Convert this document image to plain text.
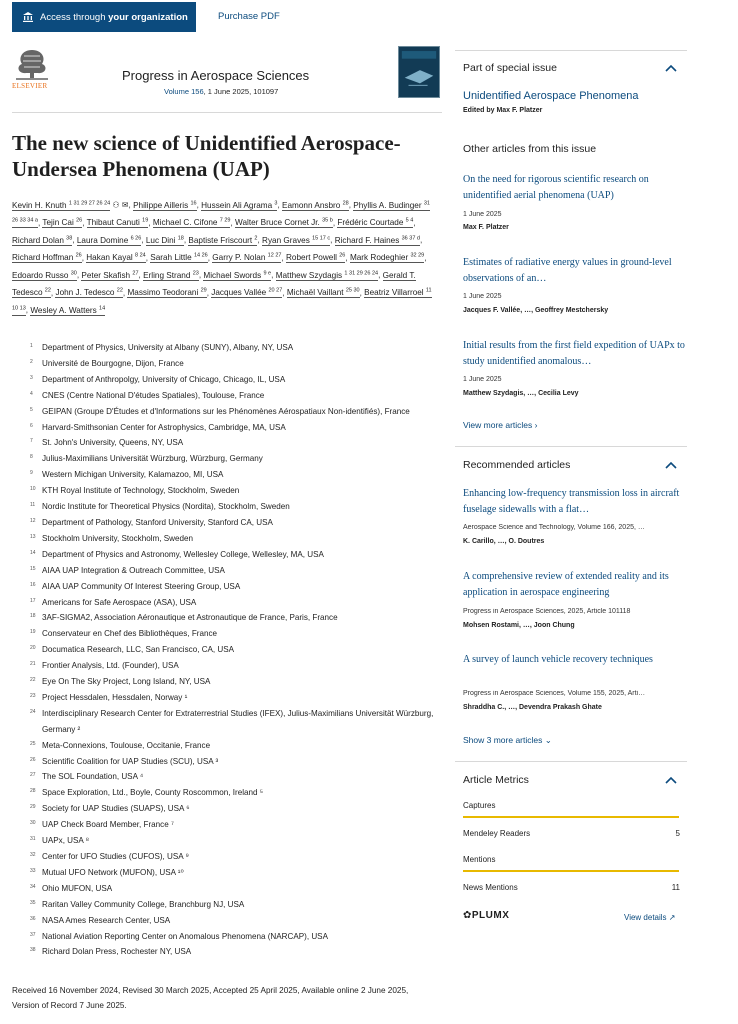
Access through your organization	Purchase PDF
ELSEVIER
Progress in Aerospace Sciences
Volume 156, 1 June 2025, 101097
The new science of Unidentified Aerospace-Undersea Phenomena (UAP)
Kevin H. Knuth $^{1 31 29 27 26 24}$ ⚇ ✉, Philippe Ailleris $^{16}$, Hussein Ali Agrama $^3$, Eamonn Ansbro $^{28}$, Phyllis A. Budinger $^{31 26 33 34 a}$, Tejin Cai $^{26}$, Thibaut Canuti $^{19}$, Michael C. Cifone $^{7 29}$, Walter Bruce Cornet Jr. $^{35 b}$, Frédéric Courtade $^{5 4}$, Richard Dolan $^{38}$, Laura Domine $^{6 26}$, Luc Dini $^{18}$, Baptiste Friscourt $^2$, Ryan Graves $^{15 17 c}$, Richard F. Haines $^{36 37 d}$, Richard Hoffman $^{26}$, Hakan Kayal $^{8 24}$, Sarah Little $^{14 26}$, Garry P. Nolan $^{12 27}$, Robert Powell $^{26}$, Mark Rodeghier $^{32 29}$, Edoardo Russo $^{30}$, Peter Skafish $^{27}$, Erling Strand $^{23}$, Michael Swords $^{9 e}$, Matthew Szydagis $^{1 31 29 26 24}$, Gerald T. Tedesco $^{22}$, John J. Tedesco $^{22}$, Massimo Teodorani $^{29}$, Jacques Vallée $^{20 27}$, Michaël Vaillant $^{25 30}$, Beatriz Villarroel $^{11 10 13}$, Wesley A. Watters $^{14}$
1	Department of Physics, University at Albany (SUNY), Albany, NY, USA
2	Université de Bourgogne, Dijon, France
3	Department of Anthropolgy, University of Chicago, Chicago, IL, USA
4	CNES (Centre National D'études Spatiales), Toulouse, France
5	GEIPAN (Groupe D'Études et d'Informations sur les Phénomènes Aérospatiaux Non-identifiés), France
6	Harvard-Smithsonian Center for Astrophysics, Cambridge, MA, USA
7	St. John's University, Queens, NY, USA
8	Julius-Maximilians Universität Würzburg, Würzburg, Germany
9	Western Michigan University, Kalamazoo, MI, USA
10 KTH Royal Institute of Technology, Stockholm, Sweden
11 Nordic Institute for Theoretical Physics (Nordita), Stockholm, Sweden
12 Department of Pathology, Stanford University, Stanford CA, USA
13 Stockholm University, Stockholm, Sweden
14 Department of Physics and Astronomy, Wellesley College, Wellesley, MA, USA
15 AIAA UAP Integration & Outreach Committee, USA
16 AIAA UAP Community Of Interest Steering Group, USA
17 Americans for Safe Aerospace (ASA), USA
18 3AF-SIGMA2, Association Aéronautique et Astronautique de France, Paris, France
19 Conservateur en Chef des Bibliothèques, France
20 Documatica Research, LLC, San Francisco, CA, USA
21 Frontier Analysis, Ltd. (Founder), USA
22 Eye On The Sky Project, Long Island, NY, USA
23 Project Hessdalen, Hessdalen, Norway ¹
24 Interdisciplinary Research Center for Extraterrestrial Studies (IFEX), Julius-Maximilians Universität Würzburg, Germany ²
25 Meta-Connexions, Toulouse, Occitanie, France
26 Scientific Coalition for UAP Studies (SCU), USA ³
27 The SOL Foundation, USA ⁴
28 Space Exploration, Ltd., Boyle, County Roscommon, Ireland ⁵
29 Society for UAP Studies (SUAPS), USA ⁶
30 UAP Check Board Member, France ⁷
31 UAPx, USA ⁸
32 Center for UFO Studies (CUFOS), USA ⁹
33 Mutual UFO Network (MUFON), USA ¹⁰
34 Ohio MUFON, USA
35 Raritan Valley Community College, Branchburg NJ, USA
36 NASA Ames Research Center, USA
37 National Aviation Reporting Center on Anomalous Phenomena (NARCAP), USA
38 Richard Dolan Press, Rochester NY, USA
Received 16 November 2024, Revised 30 March 2025, Accepted 25 April 2025, Available online 2 June 2025, Version of Record 7 June 2025.
Part of special issue
Unidentified Aerospace Phenomena
Edited by Max F. Platzer
Other articles from this issue
On the need for rigorous scientific research on unidentified aerial phenomena (UAP)
1 June 2025
Max F. Platzer
Estimates of radiative energy values in ground-level observations of an…
1 June 2025
Jacques F. Vallée, …, Geoffrey Mestchersky
Initial results from the first field expedition of UAPx to study unidentified anomalous…
1 June 2025
Matthew Szydagis, …, Cecilia Levy
View more articles ›
Recommended articles
Enhancing low-frequency transmission loss in aircraft fuselage sidewalls with a flat…
Aerospace Science and Technology, Volume 166, 2025, …
K. Carillo, …, O. Doutres
A comprehensive review of extended reality and its application in aerospace engineering
Progress in Aerospace Sciences, 2025, Article 101118
Mohsen Rostami, …, Joon Chung
A survey of launch vehicle recovery techniques
Progress in Aerospace Sciences, Volume 155, 2025, Arti…
Shraddha C., …, Devendra Prakash Ghate
Show 3 more articles ⌄
Article Metrics
Captures
Mendeley Readers	5
Mentions
News Mentions	11
✿PLUMX	View details ↗
